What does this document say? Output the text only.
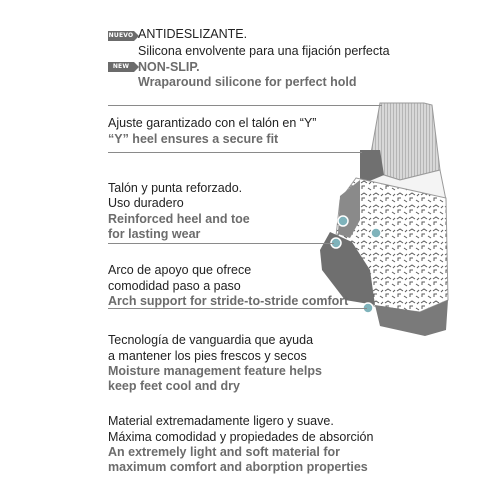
NUEVO
NEW
ANTIDESLIZANTE.
Silicona envolvente para una fijación perfecta
NON-SLIP.
Wraparound silicone for perfect hold
Ajuste garantizado con el talón en “Y”
“Y” heel ensures a secure fit
Talón y punta reforzado.
Uso duradero
Reinforced heel and toe
for lasting wear
Arco de apoyo que ofrece
comodidad paso a paso
Arch support for stride-to-stride comfort
Tecnología de vanguardia que ayuda
a mantener los pies frescos y secos
Moisture management feature helps
keep feet cool and dry
Material extremadamente ligero y suave.
Máxima comodidad y propiedades de absorción
An extremely light and soft material for
maximum comfort and aborption properties
